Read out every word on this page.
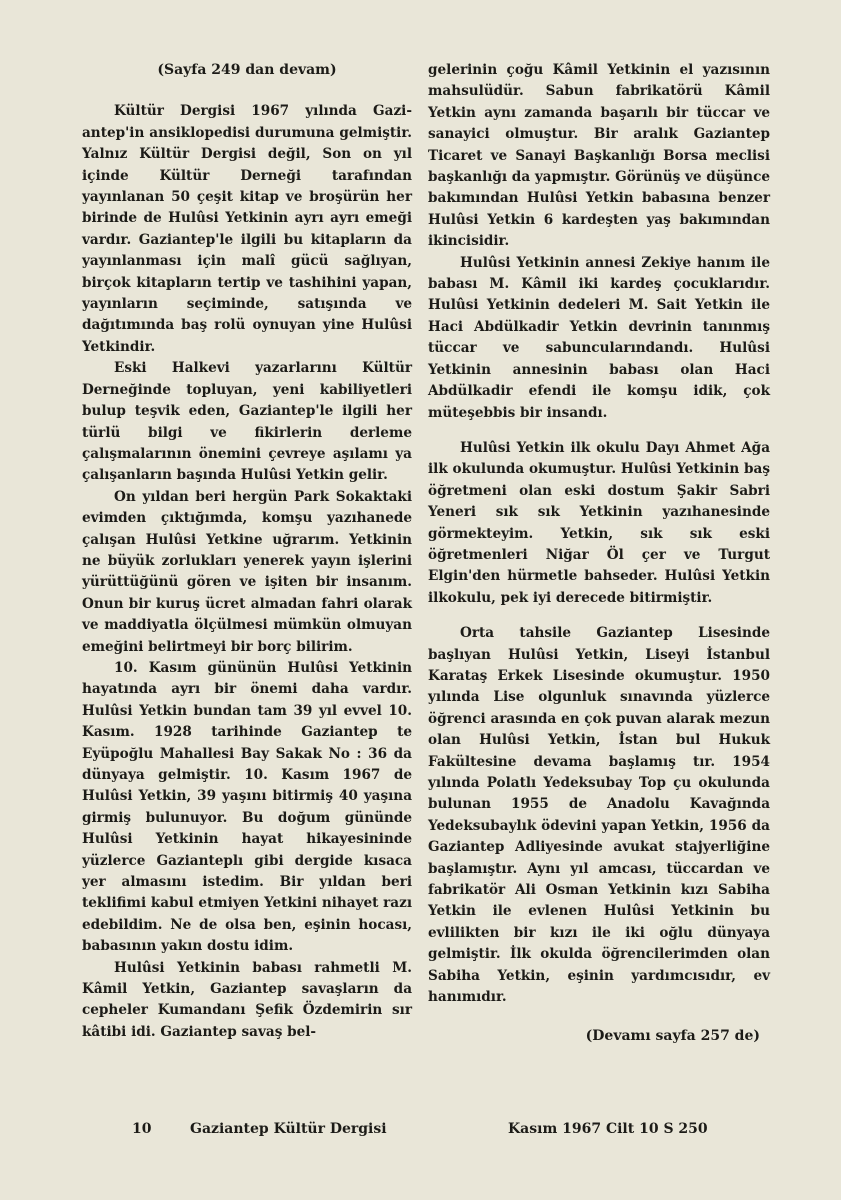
(Sayfa 249 dan devam)

Kültür Dergisi 1967 yılında Gaziantep'in ansiklopedisi durumuna gelmiştir. Yalnız Kültür Dergisi değil, Son on yıl içinde Kültür Derneği tarafından yayınlanan 50 çeşit kitap ve broşürün her birinde de Hulûsi Yetkinin ayrı ayrı emeği vardır. Gaziantep'le ilgili bu kitapların da yayınlanması için malî gücü sağlıyan, birçok kitapların tertip ve tashihini yapan, yayınların seçiminde, satışında ve dağıtımında baş rolü oynuyan yine Hulûsi Yetkindir.

Eski Halkevi yazarlarını Kültür Derneğinde topluyan, yeni kabiliyetleri bulup teşvik eden, Gaziantep'le ilgili her türlü bilgi ve fikirlerin derleme çalışmalarının önemini çevreye aşılamı ya çalışanların başında Hulûsi Yetkin gelir.

On yıldan beri hergün Park Sokaktaki evimden çıktığımda, komşu yazıhanede çalışan Hulûsi Yetkine uğrarım. Yetkinin ne büyük zorlukları yenerek yayın işlerini yürüttüğünü gören ve işiten bir insanım. Onun bir kuruş ücret almadan fahri olarak ve maddiyatla ölçülmesi mümkün olmuyan emeğini belirtmeyi bir borç bilirim.

10. Kasım gününün Hulûsi Yetkinin hayatında ayrı bir önemi daha vardır. Hulûsi Yetkin bundan tam 39 yıl evvel 10. Kasım. 1928 tarihinde Gaziantep te Eyüpoğlu Mahallesi Bay Sakak No : 36 da dünyaya gelmiştir. 10. Kasım 1967 de Hulûsi Yetkin, 39 yaşını bitirmiş 40 yaşına girmiş bulunuyor. Bu doğum gününde Hulûsi Yetkinin hayat hikayesininde yüzlerce Gazianteplı gibi dergide kısaca yer almasını istedim. Bir yıldan beri teklifimi kabul etmiyen Yetkini nihayet razı edebildim. Ne de olsa ben, eşinin hocası, babasının yakın dostu idim.

Hulûsi Yetkinin babası rahmetli M. Kâmil Yetkin, Gaziantep savaşların da cepheler Kumandanı Şefik Özdemirin sır kâtibi idi. Gaziantep savaş bel-

gelerinin çoğu Kâmil Yetkinin el yazısının mahsulüdür. Sabun fabrikatörü Kâmil Yetkin aynı zamanda başarılı bir tüccar ve sanayici olmuştur. Bir aralık Gaziantep Ticaret ve Sanayi Başkanlığı Borsa meclisi başkanlığı da yapmıştır. Görünüş ve düşünce bakımından Hulûsi Yetkin babasına benzer Hulûsi Yetkin 6 kardeşten yaş bakımından ikincisidir.

Hulûsi Yetkinin annesi Zekiye hanım ile babası M. Kâmil iki kardeş çocuklarıdır. Hulûsi Yetkinin dedeleri M. Sait Yetkin ile Haci Abdülkadir Yetkin devrinin tanınmış tüccar ve sabuncularındandı. Hulûsi Yetkinin annesinin babası olan Haci Abdülkadir efendi ile komşu idik, çok müteşebbis bir insandı.

Hulûsi Yetkin ilk okulu Dayı Ahmet Ağa ilk okulunda okumuştur. Hulûsi Yetkinin baş öğretmeni olan eski dostum Şakir Sabri Yeneri sık sık Yetkinin yazıhanesinde görmekteyim. Yetkin, sık sık eski öğretmenleri Niğar Öl çer ve Turgut Elgin'den hürmetle bahseder. Hulûsi Yetkin ilkokulu, pek iyi derecede bitirmiştir.

Orta tahsile Gaziantep Lisesinde başlıyan Hulûsi Yetkin, Liseyi İstanbul Karataş Erkek Lisesinde okumuştur. 1950 yılında Lise olgunluk sınavında yüzlerce öğrenci arasında en çok puvan alarak mezun olan Hulûsi Yetkin, İstan bul Hukuk Fakültesine devama başlamış tır. 1954 yılında Polatlı Yedeksubay Top çu okulunda bulunan 1955 de Anadolu Kavağında Yedeksubaylık ödevini yapan Yetkin, 1956 da Gaziantep Adliyesinde avukat stajyerliğine başlamıştır. Aynı yıl amcası, tüccardan ve fabrikatör Ali Osman Yetkinin kızı Sabiha Yetkin ile evlenen Hulûsi Yetkinin bu evlilikten bir kızı ile iki oğlu dünyaya gelmiştir. İlk okulda öğrencilerimden olan Sabiha Yetkin, eşinin yardımcısıdır, ev hanımıdır.

(Devamı sayfa 257 de)
10	Gaziantep Kültür Dergisi	Kasım 1967 Cilt 10 S 250
